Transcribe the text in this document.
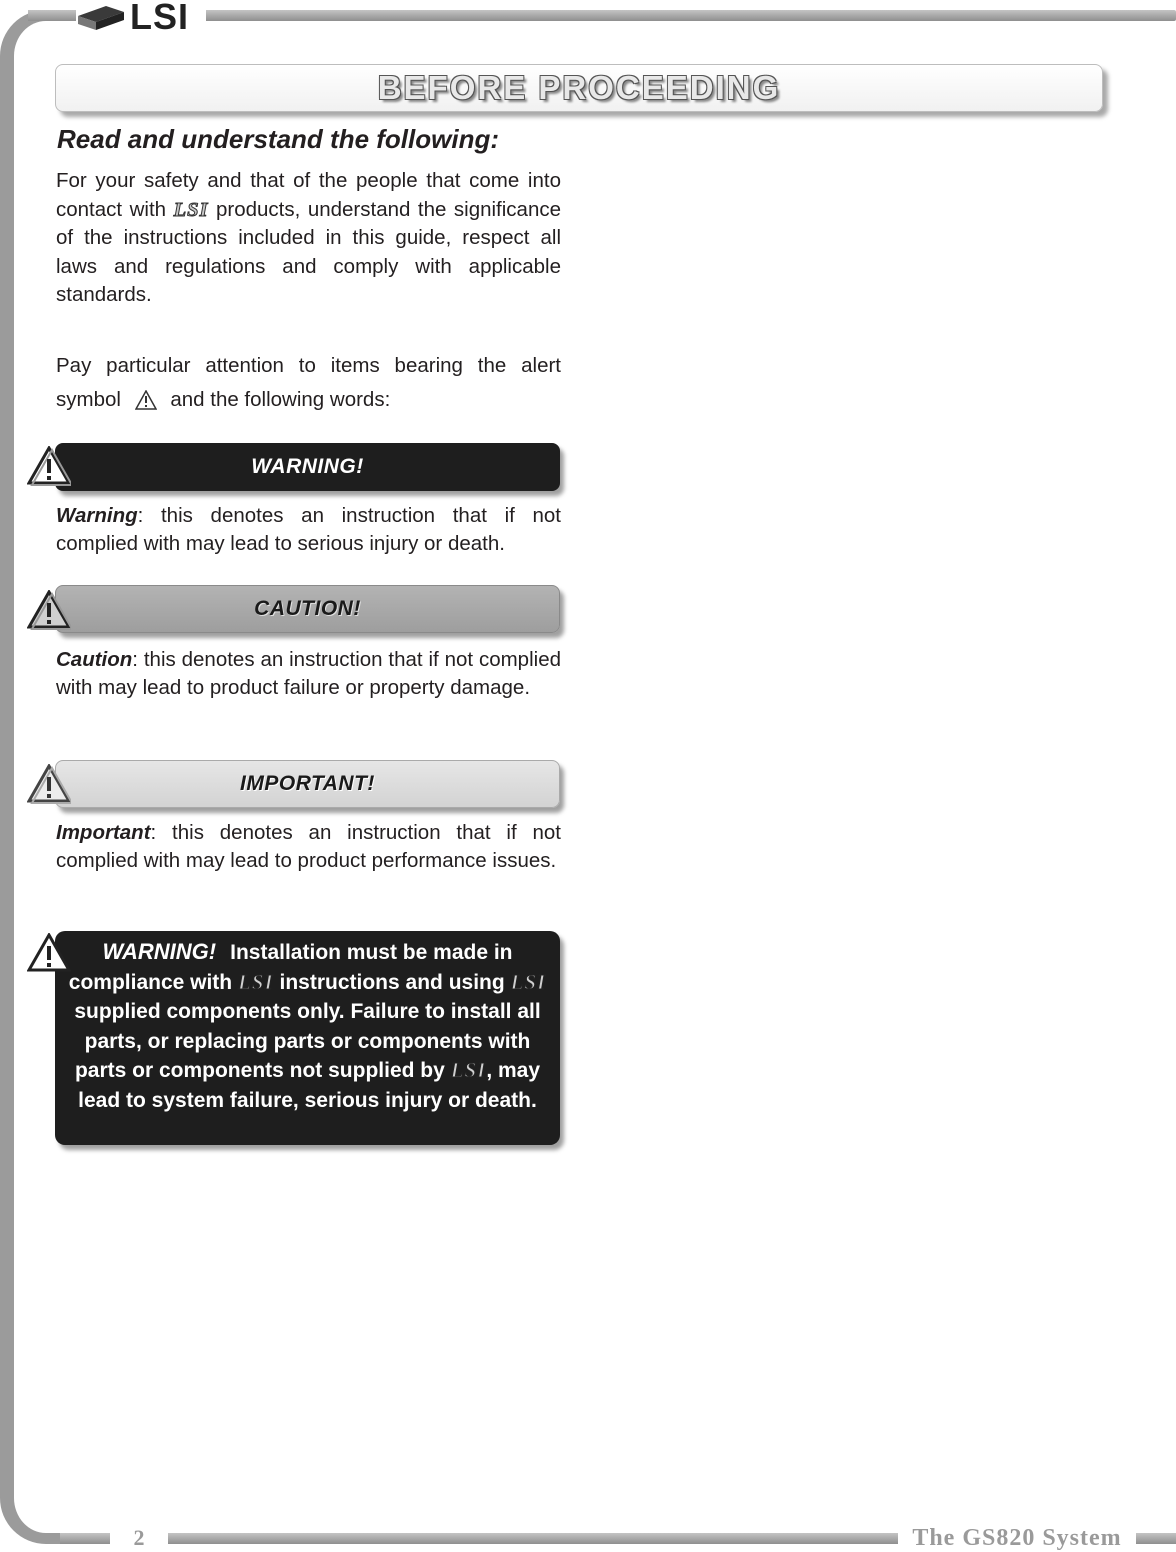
LSI
BEFORE PROCEEDING
Read and understand the following:

For your safety and that of the people that come into contact with LSI products, understand the significance of the instructions included in this guide, respect all laws and regulations and comply with applicable standards.

Pay particular attention to items bearing the alert symbol and the following words:

WARNING!

Warning: this denotes an instruction that if not complied with may lead to serious injury or death.

CAUTION!

Caution: this denotes an instruction that if not complied with may lead to product failure or property damage.

IMPORTANT!

Important: this denotes an instruction that if not complied with may lead to product performance issues.

WARNING! Installation must be made in compliance with LSI instructions and using LSI supplied components only. Failure to install all parts, or replacing parts or components with parts or components not supplied by LSI, may lead to system failure, serious injury or death.
2	The GS820 System
